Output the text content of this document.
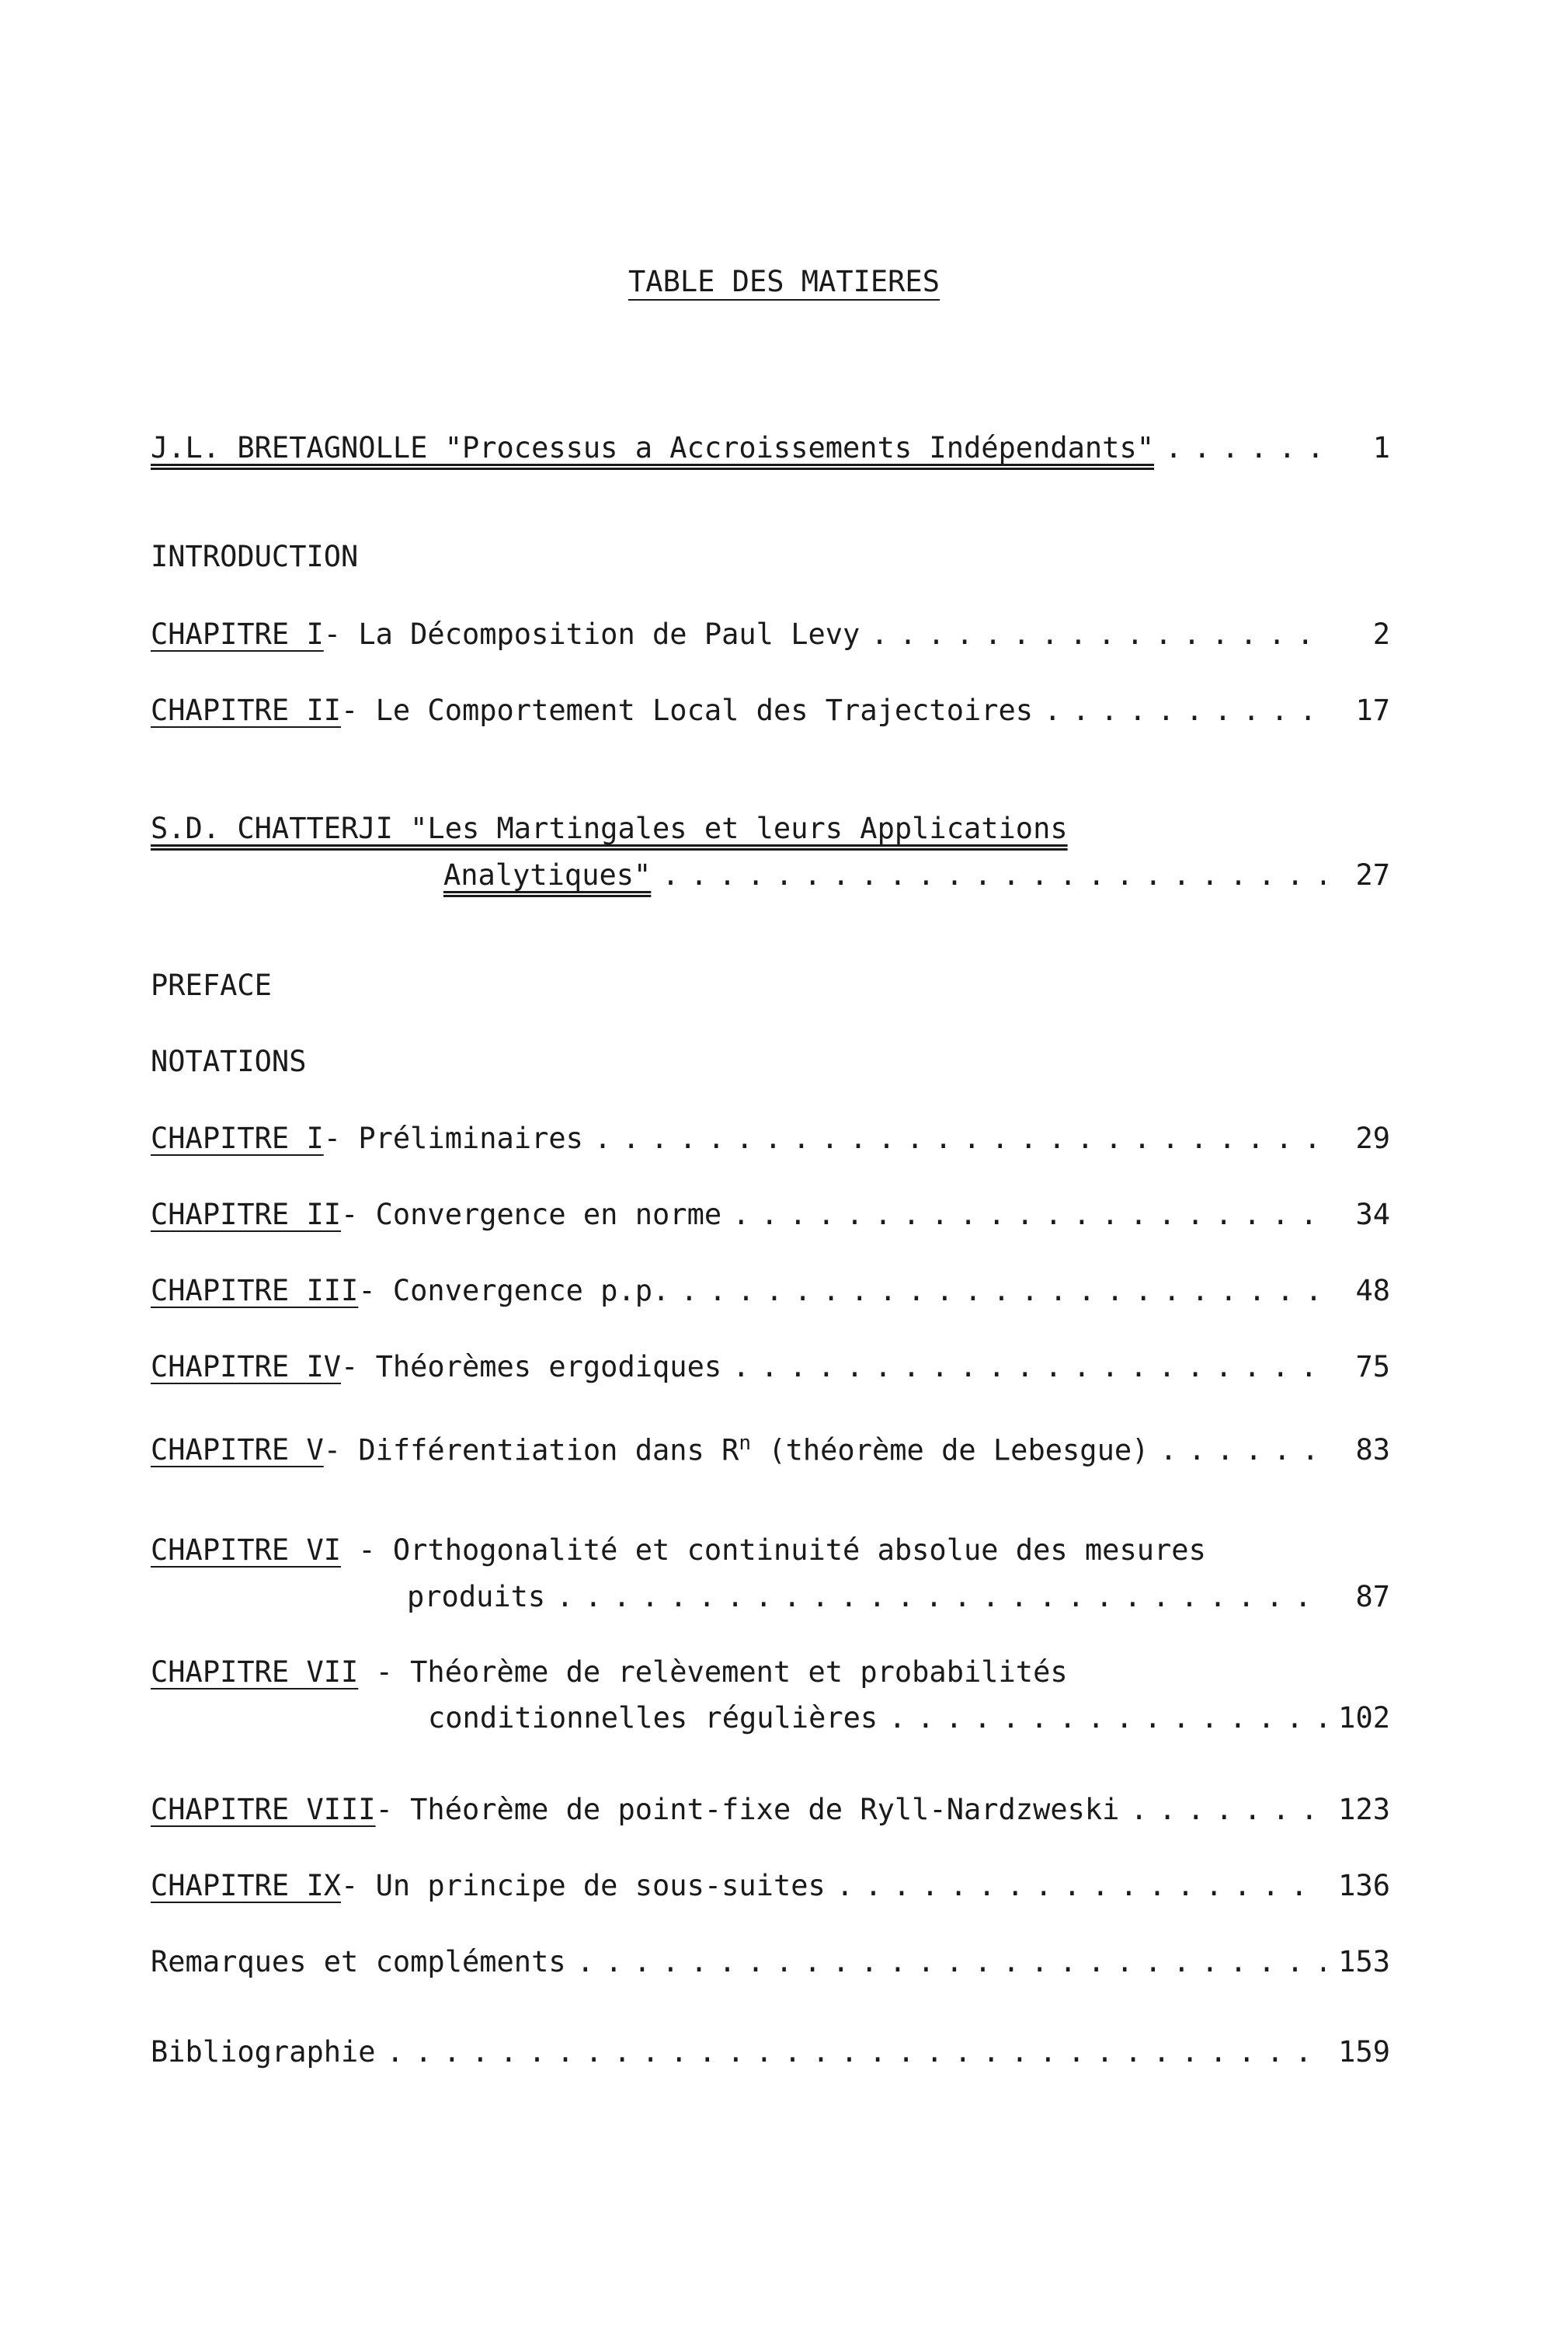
TABLE DES MATIERES
J.L. BRETAGNOLLE "Processus a Accroissements Indépendants" . . .	1
INTRODUCTION
CHAPITRE I - La Décomposition de Paul Levy . . .	2
CHAPITRE II - Le Comportement Local des Trajectoires . . .	17
S.D. CHATTERJI "Les Martingales et leurs Applications
Analytiques" . . .	27
PREFACE
NOTATIONS
CHAPITRE I - Préliminaires . . .	29
CHAPITRE II - Convergence en norme . . .	34
CHAPITRE III - Convergence p.p. . . .	48
CHAPITRE IV - Théorèmes ergodiques . . .	75
CHAPITRE V - Différentiation dans $R^n$ (théorème de Lebesgue) . . .	83
CHAPITRE VI - Orthogonalité et continuité absolue des mesures
produits . . .	87
CHAPITRE VII - Théorème de relèvement et probabilités
conditionnelles régulières . . .	102
CHAPITRE VIII - Théorème de point-fixe de Ryll-Nardzweski . . .	123
CHAPITRE IX - Un principe de sous-suites . . .	136
Remarques et compléments . . .	153
Bibliographie . . .	159
